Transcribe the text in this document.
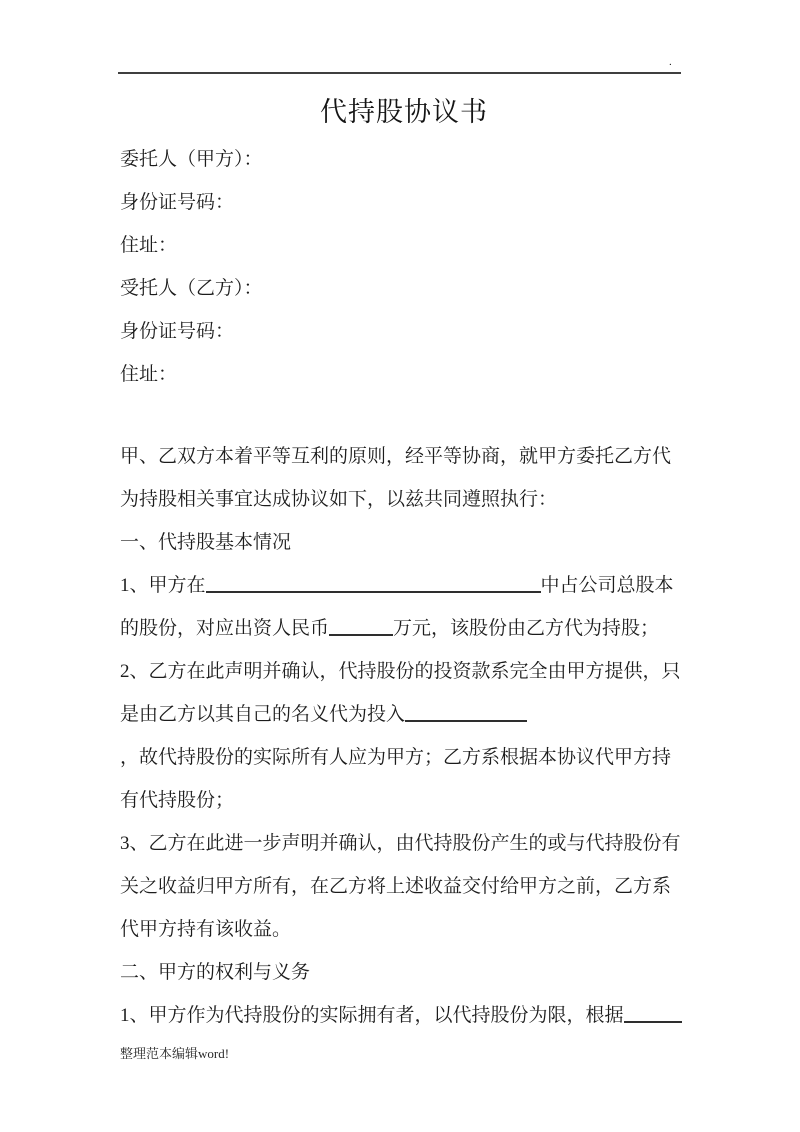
.
代持股协议书
委托人（甲方）：
身份证号码：
住址：
受托人（乙方）：
身份证号码：
住址：
甲、乙双方本着平等互利的原则，经平等协商，就甲方委托乙方代
为持股相关事宜达成协议如下，以兹共同遵照执行：
一、代持股基本情况
1、甲方在	中占公司总股本
的股份，对应出资人民币	万元，该股份由乙方代为持股；
2、乙方在此声明并确认，代持股份的投资款系完全由甲方提供，只
是由乙方以其自己的名义代为投入
，故代持股份的实际所有人应为甲方；乙方系根据本协议代甲方持
有代持股份；
3、乙方在此进一步声明并确认，由代持股份产生的或与代持股份有
关之收益归甲方所有，在乙方将上述收益交付给甲方之前，乙方系
代甲方持有该收益。
二、甲方的权利与义务
1、甲方作为代持股份的实际拥有者，以代持股份为限，根据
整理范本编辑word!
